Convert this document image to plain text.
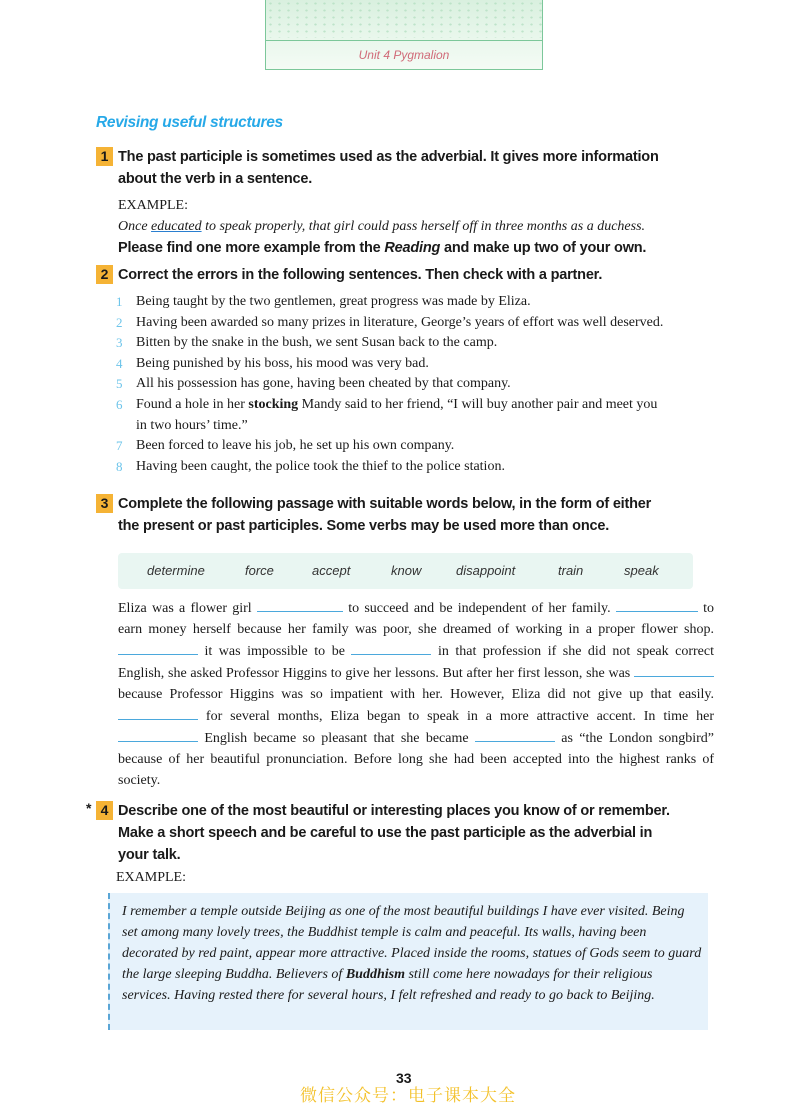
Unit 4 Pygmalion
Revising useful structures
1 The past participle is sometimes used as the adverbial. It gives more information
about the verb in a sentence.
EXAMPLE:
Once educated to speak properly, that girl could pass herself off in three months as a duchess.
Please find one more example from the Reading and make up two of your own.
2 Correct the errors in the following sentences. Then check with a partner.
1 Being taught by the two gentlemen, great progress was made by Eliza.
2 Having been awarded so many prizes in literature, George’s years of effort was well deserved.
3 Bitten by the snake in the bush, we sent Susan back to the camp.
4 Being punished by his boss, his mood was very bad.
5 All his possession has gone, having been cheated by that company.
6 Found a hole in her stocking Mandy said to her friend, “I will buy another pair and meet you
in two hours’ time.”
7 Been forced to leave his job, he set up his own company.
8 Having been caught, the police took the thief to the police station.
3 Complete the following passage with suitable words below, in the form of either
the present or past participles. Some verbs may be used more than once.
determine	force	accept	know	disappoint	train	speak
Eliza was a flower girl	to succeed and be independent of her family.	to earn money herself because her family was poor, she dreamed of working in a proper flower shop.  it was impossible to be	in that profession if she did not speak correct English, she asked Professor Higgins to give her lessons. But after her first lesson, she was  because Professor Higgins was so impatient with her. However, Eliza did not give up that easily.  for several months, Eliza began to speak in a more attractive accent. In time her  English became so pleasant that she became	as “the London songbird” because of her beautiful pronunciation. Before long she had been accepted into the highest ranks of society.
* 4 Describe one of the most beautiful or interesting places you know of or remember.
Make a short speech and be careful to use the past participle as the adverbial in
your talk.
EXAMPLE:

I remember a temple outside Beijing as one of the most beautiful buildings I have ever visited. Being set among many lovely trees, the Buddhist temple is calm and peaceful. Its walls, having been decorated by red paint, appear more attractive. Placed inside the rooms, statues of Gods seem to guard the large sleeping Buddha. Believers of Buddhism still come here nowadays for their religious services. Having rested there for several hours, I felt refreshed and ready to go back to Beijing.

微信公众号：电子课本大全
33
